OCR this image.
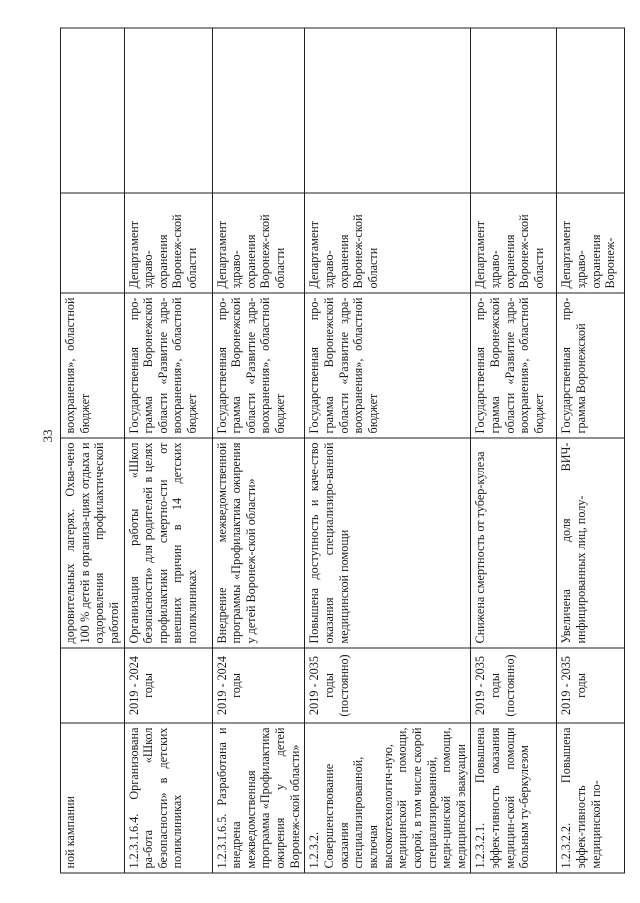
33
ной кампании		доровительных лагерях. Охва-чено 100 % детей в организа-циях отдыха и оздоровления профилактической работой	воохранения», областной бюджет		
1.2.3.1.6.4. Организована ра-бота «Школ безопасности» в детских поликлиниках	2019 - 2024 годы	Организация работы «Школ безопасности» для родителей в целях профилактики смертно-сти от внешних причин в 14 детских поликлиниках	Государственная про-грамма Воронежской области «Развитие здра-воохранения», областной бюджет	Департамент здраво-охранения Воронеж-ской области	
1.2.3.1.6.5. Разработана и внедрена межведомственная программа «Профилактика ожирения у детей Воронеж-ской области»	2019 - 2024 годы	Внедрение межведомственной программы «Профилактика ожирения у детей Воронеж-ской области»	Государственная про-грамма Воронежской области «Развитие здра-воохранения», областной бюджет	Департамент здраво-охранения Воронеж-ской области	
1.2.3.2. Совершенствование оказания специализированной, включая высокотехнологич-ную, медицинской помощи, скорой, в том числе скорой специализированной, меди-цинской помощи, медицинской эвакуации	2019 - 2035 годы (постоянно)	Повышена доступность и каче-ство оказания специализиро-ванной медицинской помощи	Государственная про-грамма Воронежской области «Развитие здра-воохранения», областной бюджет	Департамент здраво-охранения Воронеж-ской области	
1.2.3.2.1. Повышена эффек-тивность оказания медицин-ской помощи больным ту-беркулезом	2019 - 2035 годы (постоянно)	Снижена смертность от тубер-кулеза	Государственная про-грамма Воронежской области «Развитие здра-воохранения», областной бюджет	Департамент здраво-охранения Воронеж-ской области	
1.2.3.2.2. Повышена эффек-тивность медицинской по-	2019 - 2035 годы	Увеличена доля ВИЧ-инфицированных лиц, полу-	Государственная про-грамма Воронежской	Департамент здраво-охранения Воронеж-	
